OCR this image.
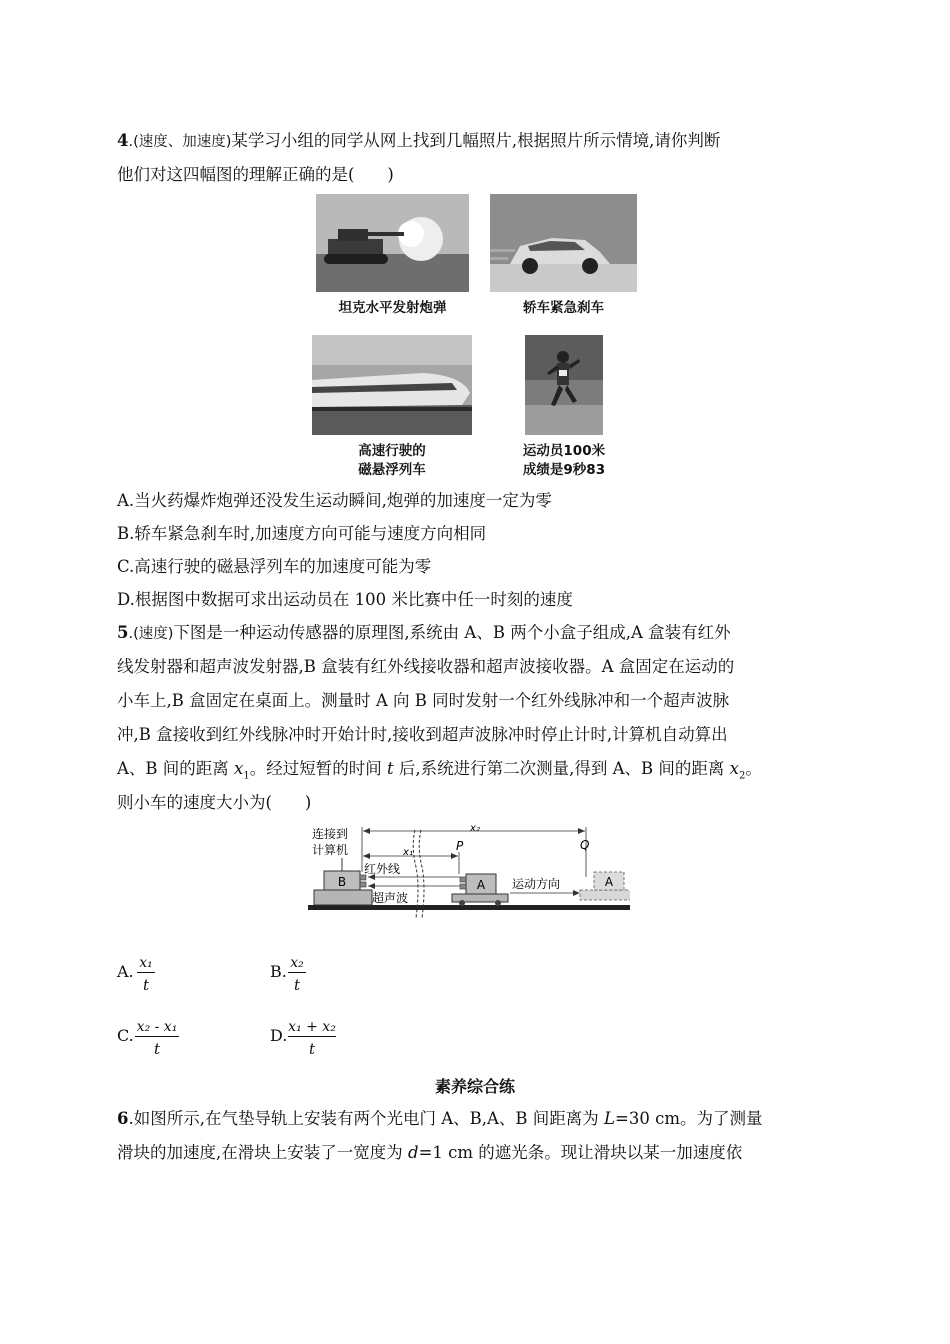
4.(速度、加速度)某学习小组的同学从网上找到几幅照片,根据照片所示情境,请你判断
他们对这四幅图的理解正确的是(　　)
坦克水平发射炮弹	轿车紧急刹车
高速行驶的
磁悬浮列车
运动员100米
成绩是9秒83
A.当火药爆炸炮弹还没发生运动瞬间,炮弹的加速度一定为零
B.轿车紧急刹车时,加速度方向可能与速度方向相同
C.高速行驶的磁悬浮列车的加速度可能为零
D.根据图中数据可求出运动员在 100 米比赛中任一时刻的速度
5.(速度)下图是一种运动传感器的原理图,系统由 A、B 两个小盒子组成,A 盒装有红外
线发射器和超声波发射器,B 盒装有红外线接收器和超声波接收器。A 盒固定在运动的
小车上,B 盒固定在桌面上。测量时 A 向 B 同时发射一个红外线脉冲和一个超声波脉
冲,B 盒接收到红外线脉冲时开始计时,接收到超声波脉冲时停止计时,计算机自动算出
A、B 间的距离 $x_1$。经过短暂的时间 t 后,系统进行第二次测量,得到 A、B 间的距离 $x_2$。
则小车的速度大小为(　　)
B
连接到
计算机
x₂
x₁	P	Q
红外线
超声波
A 运动方向	A
A. x₁
t
B. x₂
t
C. x₂ - x₁
t
D. x₁ + x₂
t
素养综合练
6.如图所示,在气垫导轨上安装有两个光电门 A、B,A、B 间距离为 L=30 cm。为了测量
滑块的加速度,在滑块上安装了一宽度为 d=1 cm 的遮光条。现让滑块以某一加速度依
